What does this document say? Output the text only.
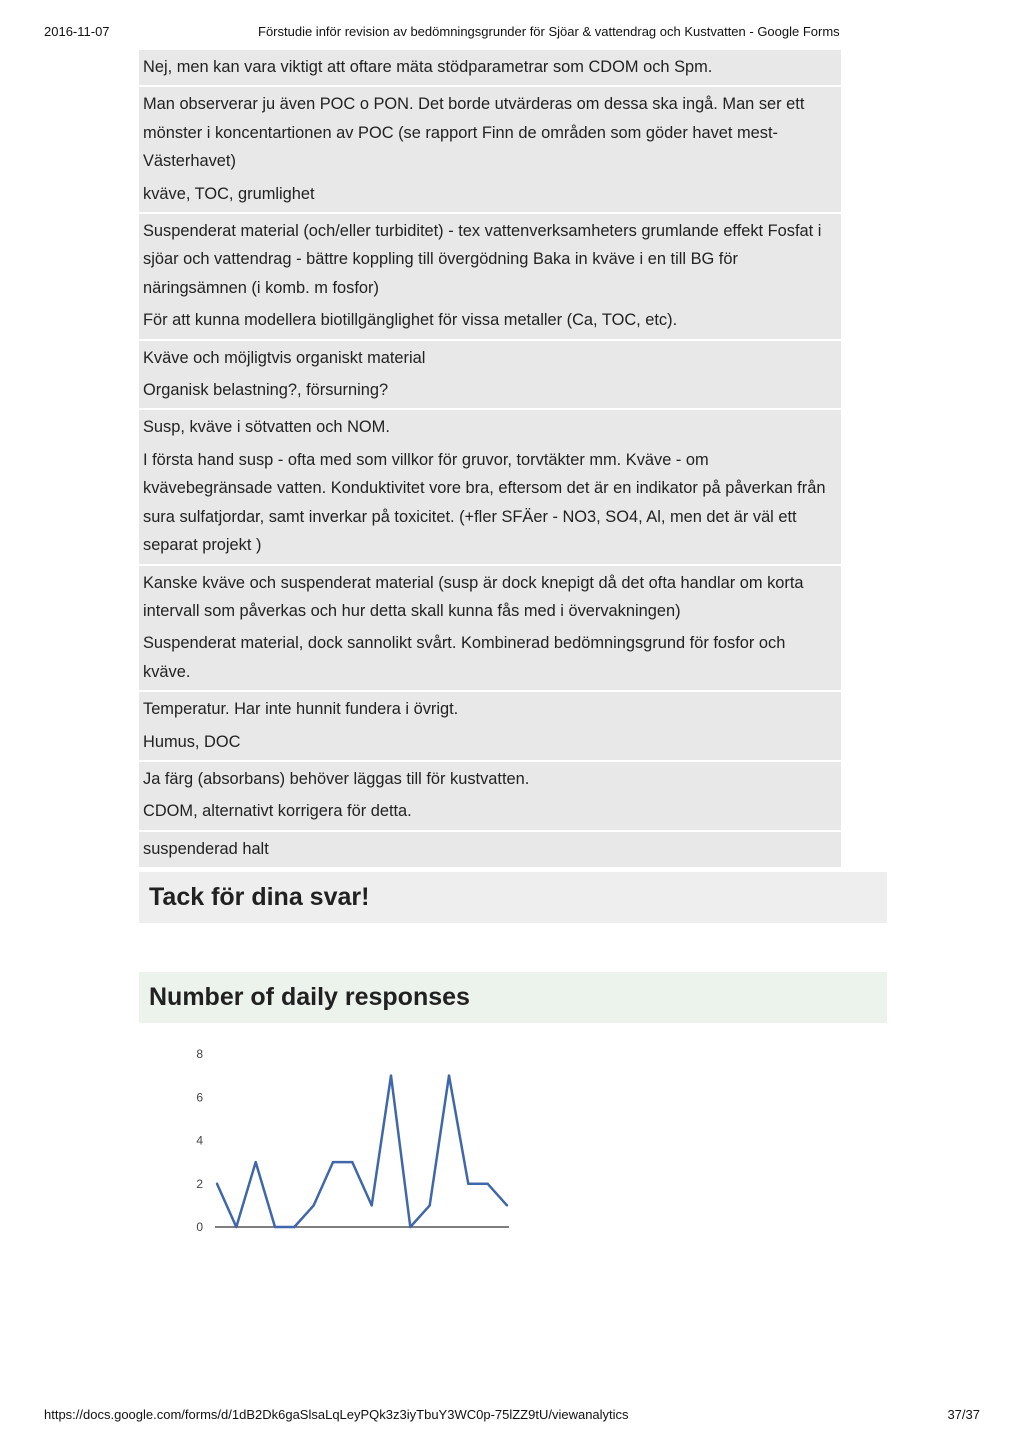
2016-11-07	Förstudie inför revision av bedömningsgrunder för Sjöar & vattendrag och Kustvatten - Google Forms
Nej, men kan vara viktigt att oftare mäta stödparametrar som CDOM och Spm.
Man observerar ju även POC o PON. Det borde utvärderas om dessa ska ingå. Man ser ett mönster i koncentartionen av POC (se rapport Finn de områden som göder havet mest- Västerhavet)
kväve, TOC, grumlighet
Suspenderat material (och/eller turbiditet) - tex vattenverksamheters grumlande effekt Fosfat i sjöar och vattendrag - bättre koppling till övergödning Baka in kväve i en till BG för näringsämnen (i komb. m fosfor)
För att kunna modellera biotillgänglighet för vissa metaller (Ca, TOC, etc).
Kväve och möjligtvis organiskt material
Organisk belastning?, försurning?
Susp, kväve i sötvatten och NOM.
I första hand susp - ofta med som villkor för gruvor, torvtäkter mm. Kväve - om kvävebegränsade vatten. Konduktivitet vore bra, eftersom det är en indikator på påverkan från sura sulfatjordar, samt inverkar på toxicitet. (+fler SFÄer - NO3, SO4, Al, men det är väl ett separat projekt )
Kanske kväve och suspenderat material (susp är dock knepigt då det ofta handlar om korta intervall som påverkas och hur detta skall kunna fås med i övervakningen)
Suspenderat material, dock sannolikt svårt. Kombinerad bedömningsgrund för fosfor och kväve.
Temperatur. Har inte hunnit fundera i övrigt.
Humus, DOC
Ja färg (absorbans) behöver läggas till för kustvatten.
CDOM, alternativt korrigera för detta.
suspenderad halt
Tack för dina svar!
Number of daily responses
0
2
4
6
8
https://docs.google.com/forms/d/1dB2Dk6gaSlsaLqLeyPQk3z3iyTbuY3WC0p-75lZZ9tU/viewanalytics	37/37
